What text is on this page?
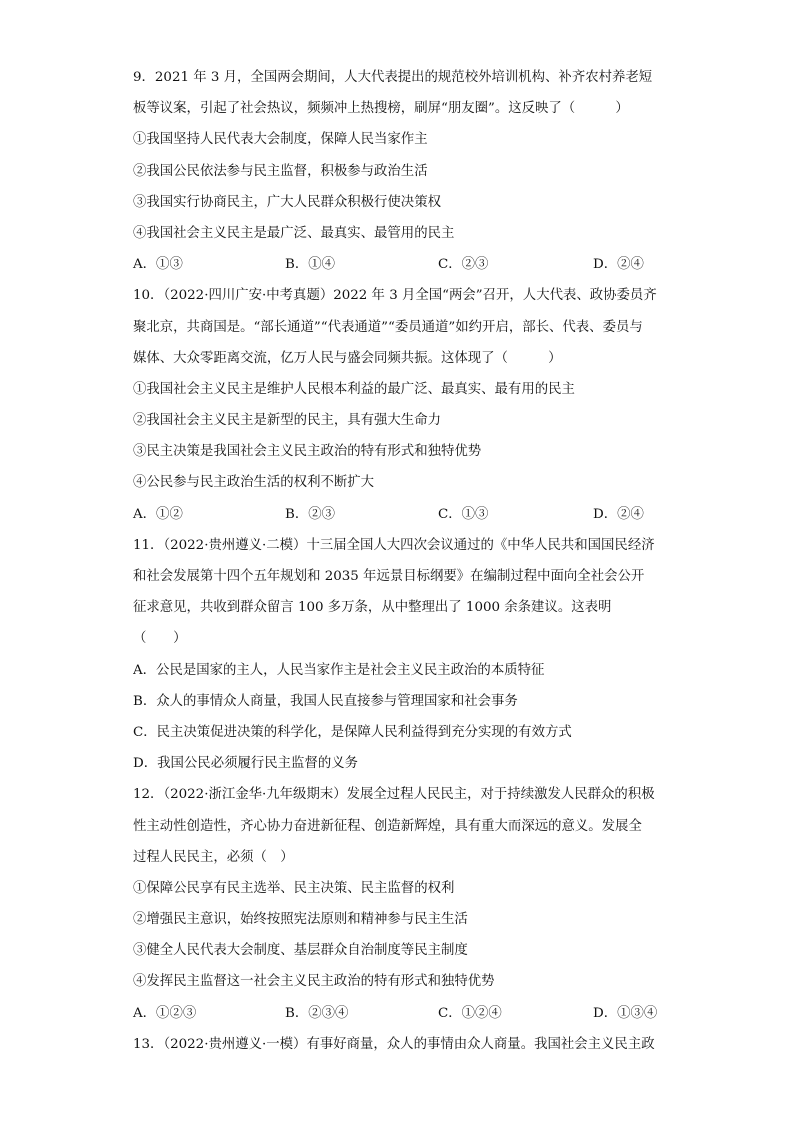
9．2021 年 3 月，全国两会期间，人大代表提出的规范校外培训机构、补齐农村养老短
板等议案，引起了社会热议，频频冲上热搜榜，刷屏“朋友圈”。这反映了（　　　）
①我国坚持人民代表大会制度，保障人民当家作主
②我国公民依法参与民主监督，积极参与政治生活
③我国实行协商民主，广大人民群众积极行使决策权
④我国社会主义民主是最广泛、最真实、最管用的民主
A．①③	B．①④	C．②③	D．②④
10．（2022·四川广安·中考真题）2022 年 3 月全国“两会”召开，人大代表、政协委员齐
聚北京，共商国是。“部长通道”“代表通道”“委员通道”如约开启，部长、代表、委员与
媒体、大众零距离交流，亿万人民与盛会同频共振。这体现了（　　　）
①我国社会主义民主是维护人民根本利益的最广泛、最真实、最有用的民主
②我国社会主义民主是新型的民主，具有强大生命力
③民主决策是我国社会主义民主政治的特有形式和独特优势
④公民参与民主政治生活的权利不断扩大
A．①②	B．②③	C．①③	D．②④
11．（2022·贵州遵义·二模）十三届全国人大四次会议通过的《中华人民共和国国民经济
和社会发展第十四个五年规划和 2035 年远景目标纲要》在编制过程中面向全社会公开
征求意见，共收到群众留言 100 多万条，从中整理出了 1000 余条建议。这表明
（　　）
A．公民是国家的主人，人民当家作主是社会主义民主政治的本质特征
B．众人的事情众人商量，我国人民直接参与管理国家和社会事务
C．民主决策促进决策的科学化，是保障人民利益得到充分实现的有效方式
D．我国公民必须履行民主监督的义务
12．（2022·浙江金华·九年级期末）发展全过程人民民主，对于持续激发人民群众的积极
性主动性创造性，齐心协力奋进新征程、创造新辉煌，具有重大而深远的意义。发展全
过程人民民主，必须（　）
①保障公民享有民主选举、民主决策、民主监督的权利
②增强民主意识，始终按照宪法原则和精神参与民主生活
③健全人民代表大会制度、基层群众自治制度等民主制度
④发挥民主监督这一社会主义民主政治的特有形式和独特优势
A．①②③	B．②③④	C．①②④	D．①③④
13．（2022·贵州遵义·一模）有事好商量，众人的事情由众人商量。我国社会主义民主政
